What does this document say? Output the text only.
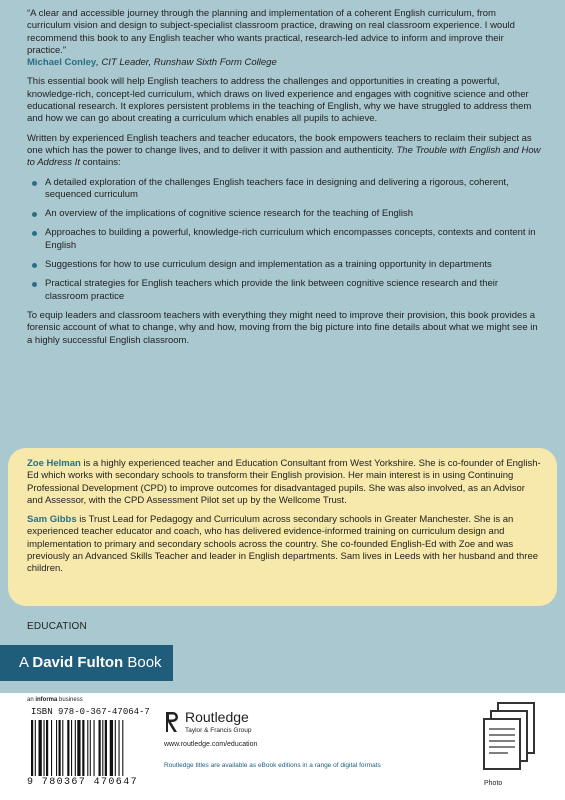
“A clear and accessible journey through the planning and implementation of a coherent English curriculum, from curriculum vision and design to subject-specialist classroom practice, drawing on real classroom experience. I would recommend this book to any English teacher who wants practical, research-led advice to inform and improve their practice.”
Michael Conley, CIT Leader, Runshaw Sixth Form College

This essential book will help English teachers to address the challenges and opportunities in creating a powerful, knowledge-rich, concept-led curriculum, which draws on lived experience and engages with cognitive science and other educational research. It explores persistent problems in the teaching of English, why we have struggled to address them and how we can go about creating a curriculum which enables all pupils to achieve.

Written by experienced English teachers and teacher educators, the book empowers teachers to reclaim their subject as one which has the power to change lives, and to deliver it with passion and authenticity. The Trouble with English and How to Address It contains:

A detailed exploration of the challenges English teachers face in designing and delivering a rigorous, coherent, sequenced curriculum
An overview of the implications of cognitive science research for the teaching of English
Approaches to building a powerful, knowledge-rich curriculum which encompasses concepts, contexts and content in English
Suggestions for how to use curriculum design and implementation as a training opportunity in departments
Practical strategies for English teachers which provide the link between cognitive science research and their classroom practice

To equip leaders and classroom teachers with everything they might need to improve their provision, this book provides a forensic account of what to change, why and how, moving from the big picture into fine details about what we might see in a highly successful English classroom.

Zoe Helman is a highly experienced teacher and Education Consultant from West Yorkshire. She is co-founder of English-Ed which works with secondary schools to transform their English provision. Her main interest is in using Continuing Professional Development (CPD) to improve outcomes for disadvantaged pupils. She was also involved, as an Advisor and Assessor, with the CPD Assessment Pilot set up by the Wellcome Trust.

Sam Gibbs is Trust Lead for Pedagogy and Curriculum across secondary schools in Greater Manchester. She is an experienced teacher educator and coach, who has delivered evidence-informed training on curriculum design and implementation to primary and secondary schools across the country. She co-founded English-Ed with Zoe and was previously an Advanced Skills Teacher and leader in English departments. Sam lives in Leeds with her husband and three children.

EDUCATION
A David Fulton Book
an informa business
ISBN 978-0-367-47064-7
9 780367 470647
Routledge
Taylor & Francis Group
www.routledge.com/education
Routledge titles are available as eBook editions in a range of digital formats
Photo
